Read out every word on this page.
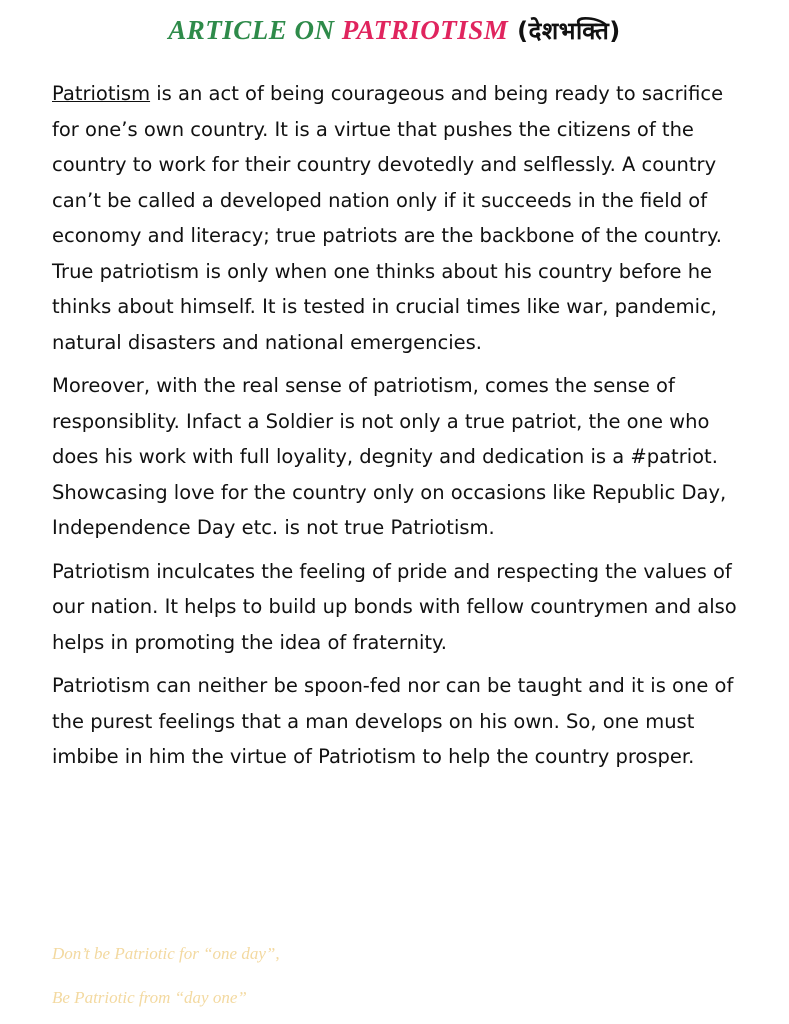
ARTICLE ON PATRIOTISM (देशभक्ति)

Patriotism is an act of being courageous and being ready to sacrifice for one’s own country. It is a virtue that pushes the citizens of the country to work for their country devotedly and selflessly. A country can’t be called a developed nation only if it succeeds in the field of economy and literacy; true patriots are the backbone of the country. True patriotism is only when one thinks about his country before he thinks about himself. It is tested in crucial times like war, pandemic, natural disasters and national emergencies.

Moreover, with the real sense of patriotism, comes the sense of responsiblity. Infact a Soldier is not only a true patriot, the one who does his work with full loyality, degnity and dedication is a #patriot. Showcasing love for the country only on occasions like Republic Day, Independence Day etc. is not true Patriotism.

Patriotism inculcates the feeling of pride and respecting the values of our nation. It helps to build up bonds with fellow countrymen and also helps in promoting the idea of fraternity.

Patriotism can neither be spoon-fed nor can be taught and it is one of the purest feelings that a man develops on his own. So, one must imbibe in him the virtue of Patriotism to help the country prosper.

Don’t be Patriotic for “one day”,
Be Patriotic from “day one”
